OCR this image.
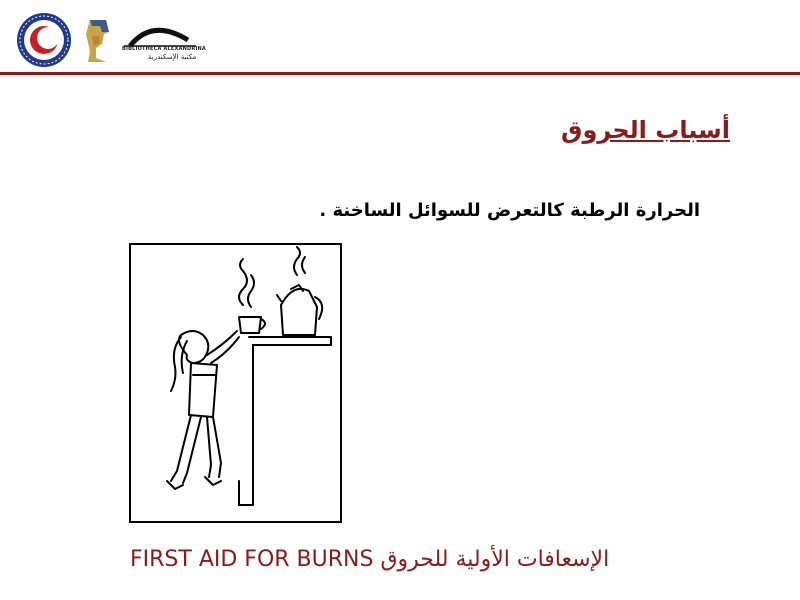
BIBLIOTHECA ALEXANDRINA
مكتبة الإسكندرية
أسباب الحروق
الحرارة الرطبة كالتعرض للسوائل الساخنة .
FIRST AID FOR BURNS الإسعافات الأولية للحروق
